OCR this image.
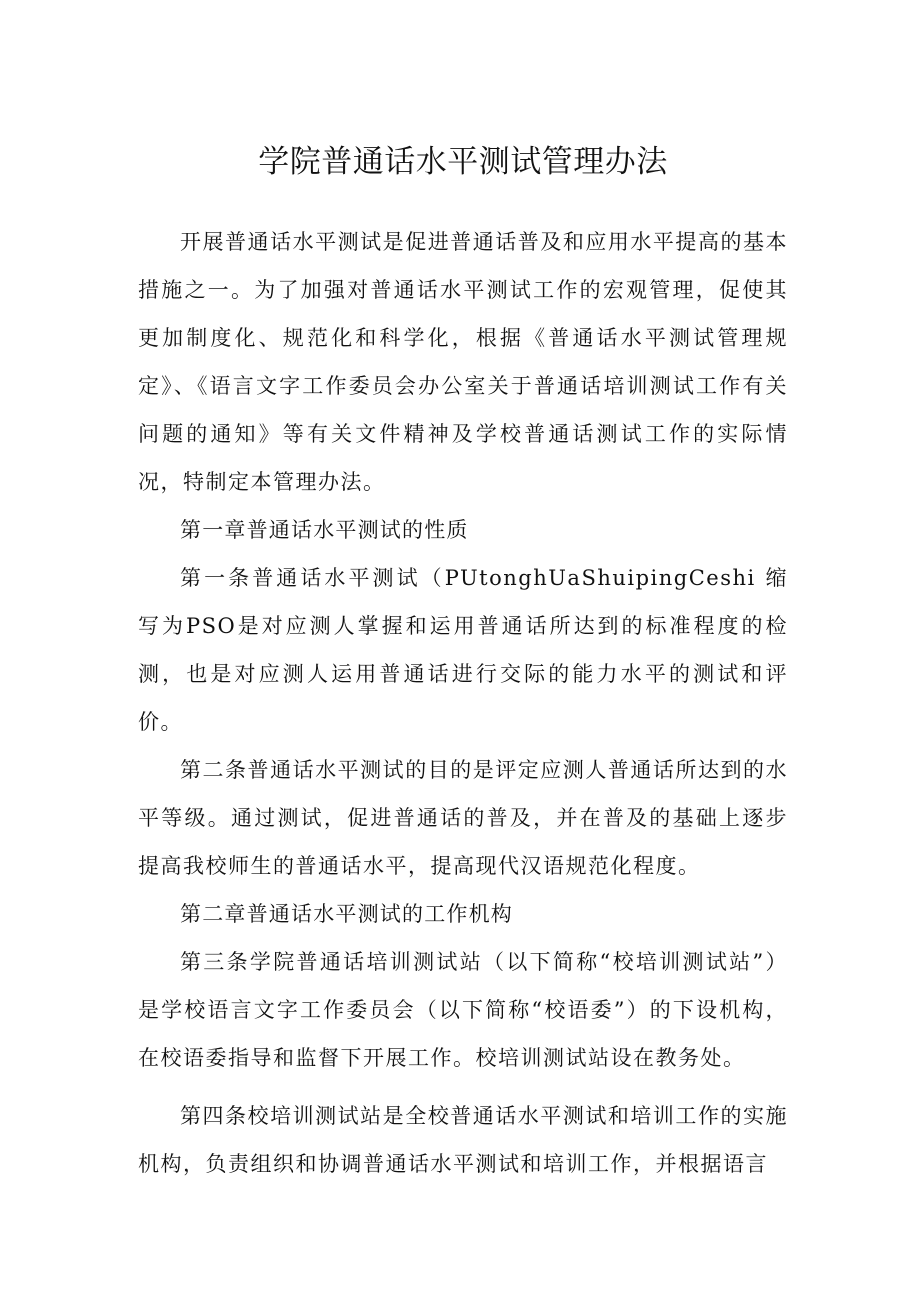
学院普通话水平测试管理办法

开展普通话水平测试是促进普通话普及和应用水平提高的基本措施之一。为了加强对普通话水平测试工作的宏观管理，促使其更加制度化、规范化和科学化，根据《普通话水平测试管理规定》、《语言文字工作委员会办公室关于普通话培训测试工作有关问题的通知》等有关文件精神及学校普通话测试工作的实际情况，特制定本管理办法。

第一章普通话水平测试的性质

第一条普通话水平测试（PUtonghUaShuipingCeshi 缩写为PSO是对应测人掌握和运用普通话所达到的标准程度的检测，也是对应测人运用普通话进行交际的能力水平的测试和评价。

第二条普通话水平测试的目的是评定应测人普通话所达到的水平等级。通过测试，促进普通话的普及，并在普及的基础上逐步提高我校师生的普通话水平，提高现代汉语规范化程度。

第二章普通话水平测试的工作机构

第三条学院普通话培训测试站（以下简称“校培训测试站”）是学校语言文字工作委员会（以下简称“校语委”）的下设机构，在校语委指导和监督下开展工作。校培训测试站设在教务处。

第四条校培训测试站是全校普通话水平测试和培训工作的实施机构，负责组织和协调普通话水平测试和培训工作，并根据语言
